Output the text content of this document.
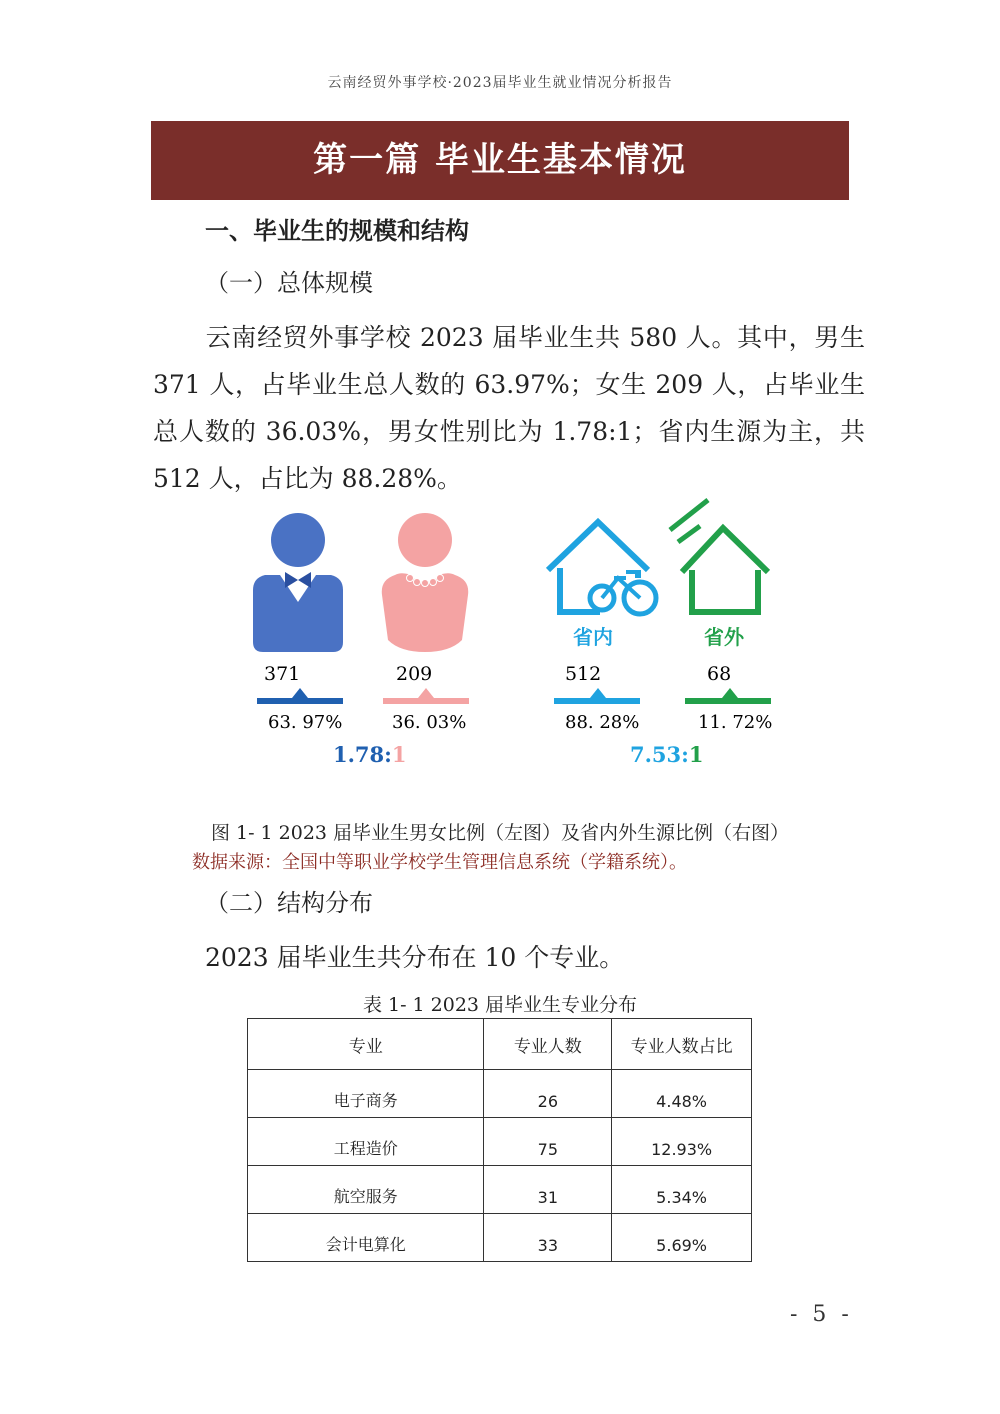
云南经贸外事学校·2023届毕业生就业情况分析报告
第一篇 毕业生基本情况
一、毕业生的规模和结构
（一）总体规模
云南经贸外事学校 2023 届毕业生共 580 人。其中，男生 371 人，占毕业生总人数的 63.97%；女生 209 人，占毕业生总人数的 36.03%，男女性别比为 1.78:1；省内生源为主，共 512 人，占比为 88.28%。
省内	省外
371	209	512	68
63. 97%	36. 03%	88. 28%	11. 72%
1.78:1	7.53:1
图 1- 1 2023 届毕业生男女比例（左图）及省内外生源比例（右图）
数据来源：全国中等职业学校学生管理信息系统（学籍系统）。
（二）结构分布
2023 届毕业生共分布在 10 个专业。
表 1- 1 2023 届毕业生专业分布
专业	专业人数	专业人数占比
电子商务	26	4.48%
工程造价	75	12.93%
航空服务	31	5.34%
会计电算化	33	5.69%
- 5 -
